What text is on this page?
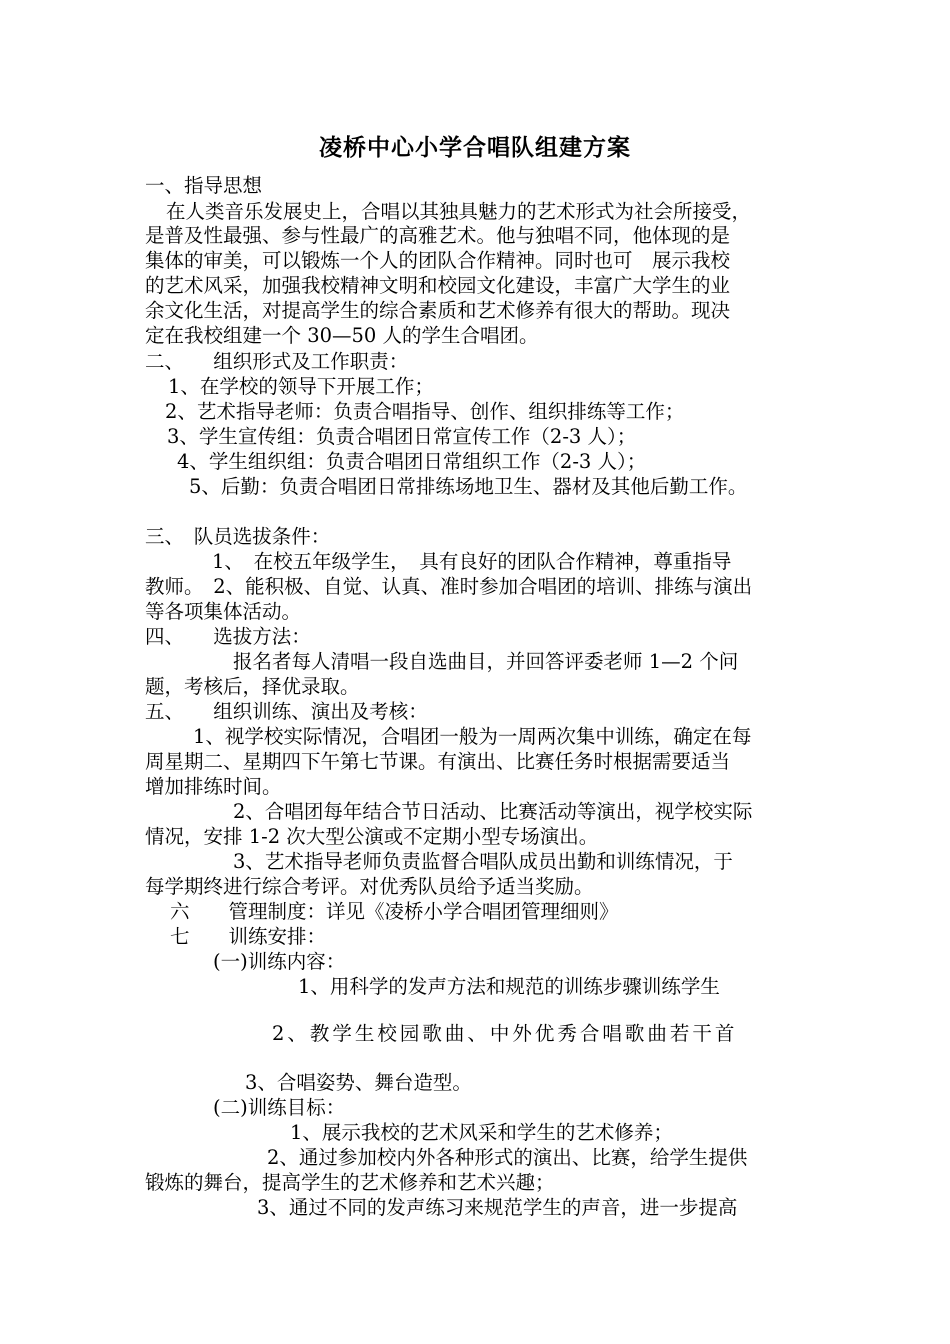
凌桥中心小学合唱队组建方案

一、指导思想

在人类音乐发展史上，合唱以其独具魅力的艺术形式为社会所接受，

是普及性最强、参与性最广的高雅艺术。他与独唱不同，他体现的是

集体的审美，可以锻炼一个人的团队合作精神。同时也可　展示我校

的艺术风采，加强我校精神文明和校园文化建设，丰富广大学生的业

余文化生活，对提高学生的综合素质和艺术修养有很大的帮助。现决

定在我校组建一个 30—50 人的学生合唱团。

二、　　组织形式及工作职责：

1、在学校的领导下开展工作；

2、艺术指导老师：负责合唱指导、创作、组织排练等工作；

3、学生宣传组：负责合唱团日常宣传工作（2-3 人）；

4、学生组织组：负责合唱团日常组织工作（2-3 人）；

5、后勤：负责合唱团日常排练场地卫生、器材及其他后勤工作。

三、　队员选拔条件：

1、　在校五年级学生，　具有良好的团队合作精神，尊重指导

教师。　2、能积极、自觉、认真、准时参加合唱团的培训、排练与演出

等各项集体活动。

四、　　选拔方法：

报名者每人清唱一段自选曲目，并回答评委老师 1—2 个问

题，考核后，择优录取。

五、　　组织训练、演出及考核：

1、视学校实际情况，合唱团一般为一周两次集中训练，确定在每

周星期二、星期四下午第七节课。有演出、比赛任务时根据需要适当

增加排练时间。

2、合唱团每年结合节日活动、比赛活动等演出，视学校实际

情况，安排 1-2 次大型公演或不定期小型专场演出。

3、艺术指导老师负责监督合唱队成员出勤和训练情况，于

每学期终进行综合考评。对优秀队员给予适当奖励。

六　　管理制度：详见《凌桥小学合唱团管理细则》

七　　训练安排：

(一)训练内容：

1、用科学的发声方法和规范的训练步骤训练学生

2、教学生校园歌曲、中外优秀合唱歌曲若干首

3、合唱姿势、舞台造型。

(二)训练目标：

1、展示我校的艺术风采和学生的艺术修养；

2、通过参加校内外各种形式的演出、比赛，给学生提供

锻炼的舞台，提高学生的艺术修养和艺术兴趣；

3、通过不同的发声练习来规范学生的声音，进一步提高
